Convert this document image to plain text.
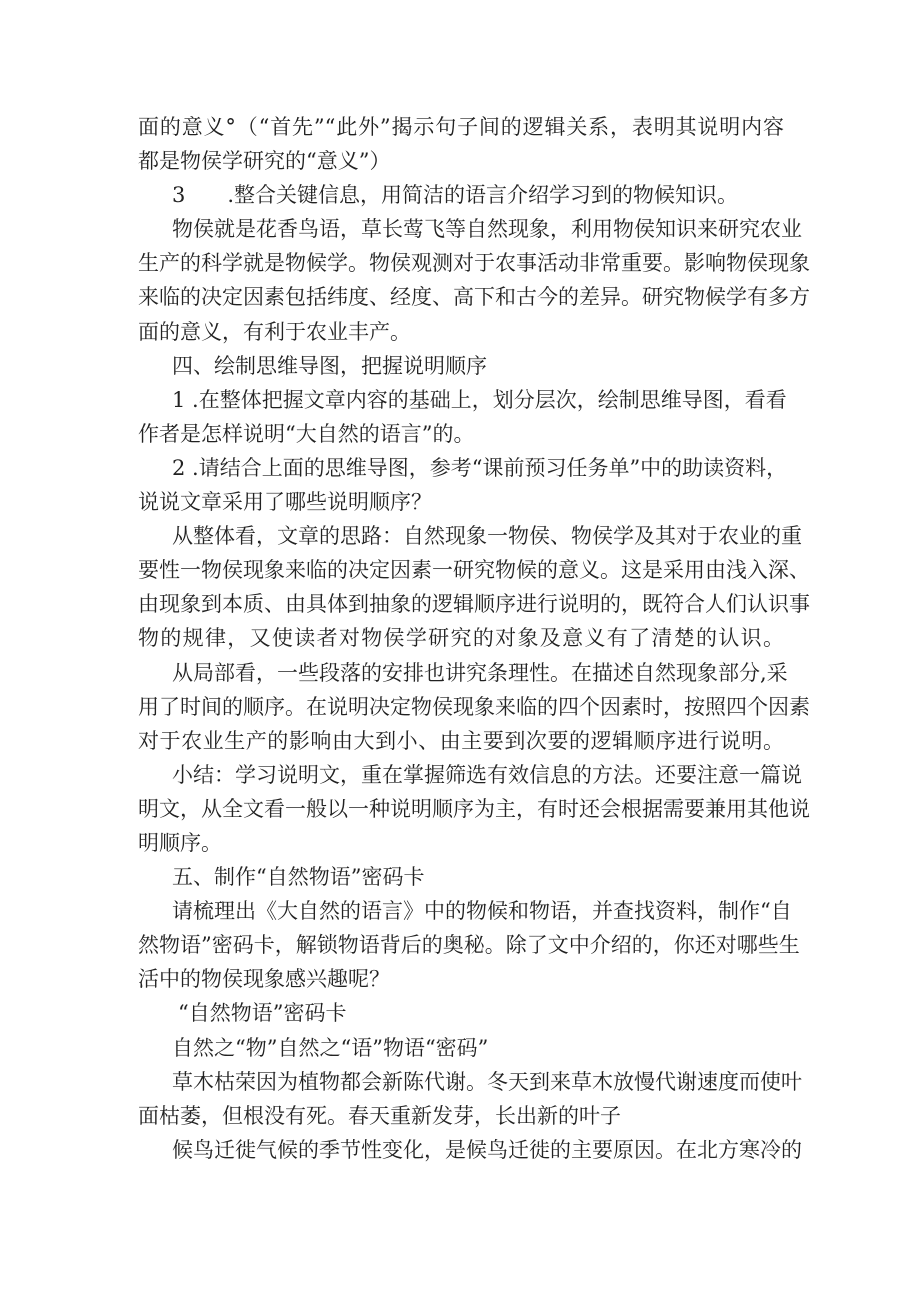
面的意义°（“首先”“此外”揭示句子间的逻辑关系，表明其说明内容
都是物侯学研究的“意义”）
3　　.整合关键信息，用简洁的语言介绍学习到的物候知识。
物侯就是花香鸟语，草长莺飞等自然现象，利用物侯知识来研究农业
生产的科学就是物候学。物侯观测对于农事活动非常重要。影响物侯现象
来临的决定因素包括纬度、经度、高下和古今的差异。研究物候学有多方
面的意义，有利于农业丰产。
四、绘制思维导图，把握说明顺序
1 .在整体把握文章内容的基础上，划分层次，绘制思维导图，看看
作者是怎样说明“大自然的语言”的。
2 .请结合上面的思维导图，参考“课前预习任务单”中的助读资料，
说说文章采用了哪些说明顺序？
从整体看，文章的思路：自然现象一物侯、物侯学及其对于农业的重
要性一物侯现象来临的决定因素一研究物候的意义。这是采用由浅入深、
由现象到本质、由具体到抽象的逻辑顺序进行说明的，既符合人们认识事
物的规律，又使读者对物侯学研究的对象及意义有了清楚的认识。
从局部看，一些段落的安排也讲究条理性。在描述自然现象部分,采
用了时间的顺序。在说明决定物侯现象来临的四个因素时，按照四个因素
对于农业生产的影响由大到小、由主要到次要的逻辑顺序进行说明。
小结：学习说明文，重在掌握筛选有效信息的方法。还要注意一篇说
明文，从全文看一般以一种说明顺序为主，有时还会根据需要兼用其他说
明顺序。
五、制作“自然物语”密码卡
请梳理出《大自然的语言》中的物候和物语，并查找资料，制作“自
然物语”密码卡，解锁物语背后的奥秘。除了文中介绍的，你还对哪些生
活中的物侯现象感兴趣呢？
“自然物语”密码卡
自然之“物”自然之“语”物语“密码”
草木枯荣因为植物都会新陈代谢。冬天到来草木放慢代谢速度而使叶
面枯萎，但根没有死。春天重新发芽，长出新的叶子
候鸟迁徙气候的季节性变化，是候鸟迁徙的主要原因。在北方寒冷的
